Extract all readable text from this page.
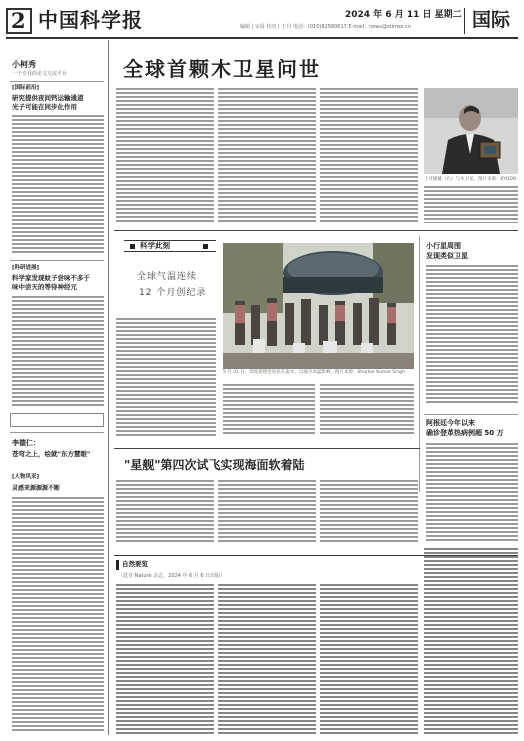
2 中国科学报	2024 年 6 月 11 日 星期二
编辑 | 宋晨 校对 | 王丹 电话：(010)62580617 E-mail：news@stimes.cn	国际
小柯秀
一个专业的论文交流平台
[国际前沿]
研究提供夜间钙运输通道
光子可能在同步化作用
[科研进展]
科学家发现蚊子尝味不多于
味中尝天的等待神经元
李德仁：
苍穹之上，绘就"东方慧眼"
[人物风采]
灵感来源源源不断
全球首颗木卫星问世
土井隆雄（右）与木卫星。图片来源：KYODO
科学此刻
全球气温连续
12 个月创纪录
5 月 31 日，印度新德里居民在取水，以减少高温影响。图片来源：Sharkar Kumar Singh
小行星周围
发现类似卫星
阿根廷今年以来
确诊登革热病例超 50 万
"星舰"第四次试飞实现海面软着陆
自然要览
（选自 Nature 杂志，2024 年 6 月 6 日出版）
